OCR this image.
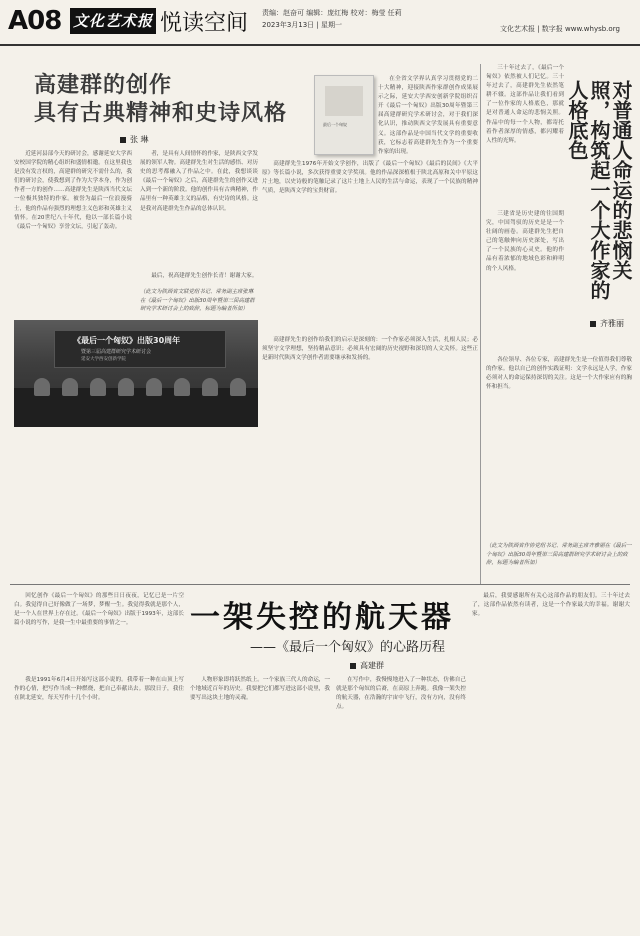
A08 文化艺术报 悦读空间 责编：赵奋可 编辑：庞红梅 校对：梅莹 任莉
2023年3月13日 | 星期一	文化艺术报 | 数字报 www.whysb.org
高建群的创作
具有古典精神和史诗风格
张 琳

近延河县部今天的研讨会，感谢延安大学西安校国学院的精心组织和盛情相邀。在这里我也是没有发言权的，高建群的研究不需什么的，我们的研讨会，使我想到了作为大学本身，作为创作者一方的创作……高建群先生是陕西当代文坛一位极其独特的作家。被誉为最后一位浪漫骑士，他的作品有强烈的理想主义色彩和英雄主义情怀。在20世纪八十年代，他以一部长篇小说《最后一个匈奴》享誉文坛，引起了轰动。

者，是具有人间情怀的作家，是陕西文学发展的领军人物。高建群先生对生活的感悟、对历史的思考都融入了作品之中。在此，我想谈谈《最后一个匈奴》之后，高建群先生的创作又进入到一个新的阶段。他的创作具有古典精神，作品里有一种英雄主义的品格，有史诗的风格。这是我对高建群先生作品的总体认识。

最后，祝高建群先生创作长青！谢谢大家。

（此文为陕西省文联党组书记、常务副主席张琳在《最后一个匈奴》出版30周年暨第三届高建群研究学术研讨会上的致辞，标题为编者所加）
《最后一个匈奴》出版30周年
暨第三届高建群研究学术研讨会
延安大学西安创新学院
最后一个匈奴

在全省文学界认真学习贯彻党的二十大精神，迎接陕西作家群创作成果展示之际，延安大学西安创新学院组织召开《最后一个匈奴》出版30周年暨第三届高建群研究学术研讨会，对于我们深化认识，推动陕西文学发展具有重要意义。这部作品是中国当代文学的重要收获，它标志着高建群先生作为一个重要作家的出现。

高建群先生1976年开始文学创作，出版了《最后一个匈奴》《最后的民间》《大平原》等长篇小说，多次获得重要文学奖项。他的作品深深植根于陕北高原和关中平原这片土地，以史诗般的笔触记录了这片土地上人民的生活与命运，表现了一个民族的精神气质，是陕西文学的宝贵财富。

高建群先生的创作给我们的启示是深刻的：一个作家必须深入生活，扎根人民；必须坚守文学理想，坚持精品意识；必须具有宏阔的历史视野和深切的人文关怀。这些正是新时代陕西文学创作者需要继承和发扬的。

对普通人命运的悲悯关照，构筑起一个大作家的人格底色
齐雅丽

三十年过去了，《最后一个匈奴》依然被人们记忆。三十年过去了，高建群先生依然笔耕不辍。这部作品让我们看到了一位作家的人格底色，那就是对普通人命运的悲悯关照。作品中的每一个人物，都寄托着作者深厚的情感，都闪耀着人性的光辉。

三建省是历史建的往国期究，中国驾驭的历史是是一个壮阔的画卷。高建群先生把自己的笔触伸向历史深处，写出了一个民族的心灵史。他的作品有着浓郁的地域色彩和鲜明的个人风格。

各位领导、各位专家，高建群先生是一位值得我们尊敬的作家。他以自己的创作实践证明：文学永远是人学，作家必须对人的命运保持深切的关注。这是一个大作家应有的胸怀和担当。

（此文为陕西省作协党组书记、常务副主席齐雅丽在《最后一个匈奴》出版30周年暨第三届高建群研究学术研讨会上的致辞，标题为编者所加）
一架失控的航天器
——《最后一个匈奴》的心路历程
高建群

回忆创作《最后一个匈奴》的那些日日夜夜，记忆已是一片空白。我觉得自己好像做了一场梦，梦醒一生。我觉得我就是那个人，是一个人在世界上存在过。《最后一个匈奴》出版于1993年，这部长篇小说的写作，是我一生中最重要的事情之一。

我是1991年6月4日开始写这部小说的。我带着一种在山顶上写作的心情，把写作当成一种燃烧，把自己奉献出去。那段日子，我住在陕北延安，每天写作十几个小时。

人物形象即将跃然纸上。一个家族三代人的命运，一个地域近百年的历史。我要把它们都写进这部小说里，我要写出这块土地的灵魂。

在写作中，我慢慢地进入了一种状态，仿佛自己就是那个匈奴的后裔，在高原上奔跑。我像一架失控的航天器，在浩瀚的宇宙中飞行，没有方向，没有终点。

最后，我要感谢所有关心这部作品的朋友们。三十年过去了，这部作品依然有读者，这是一个作家最大的幸福。谢谢大家。
